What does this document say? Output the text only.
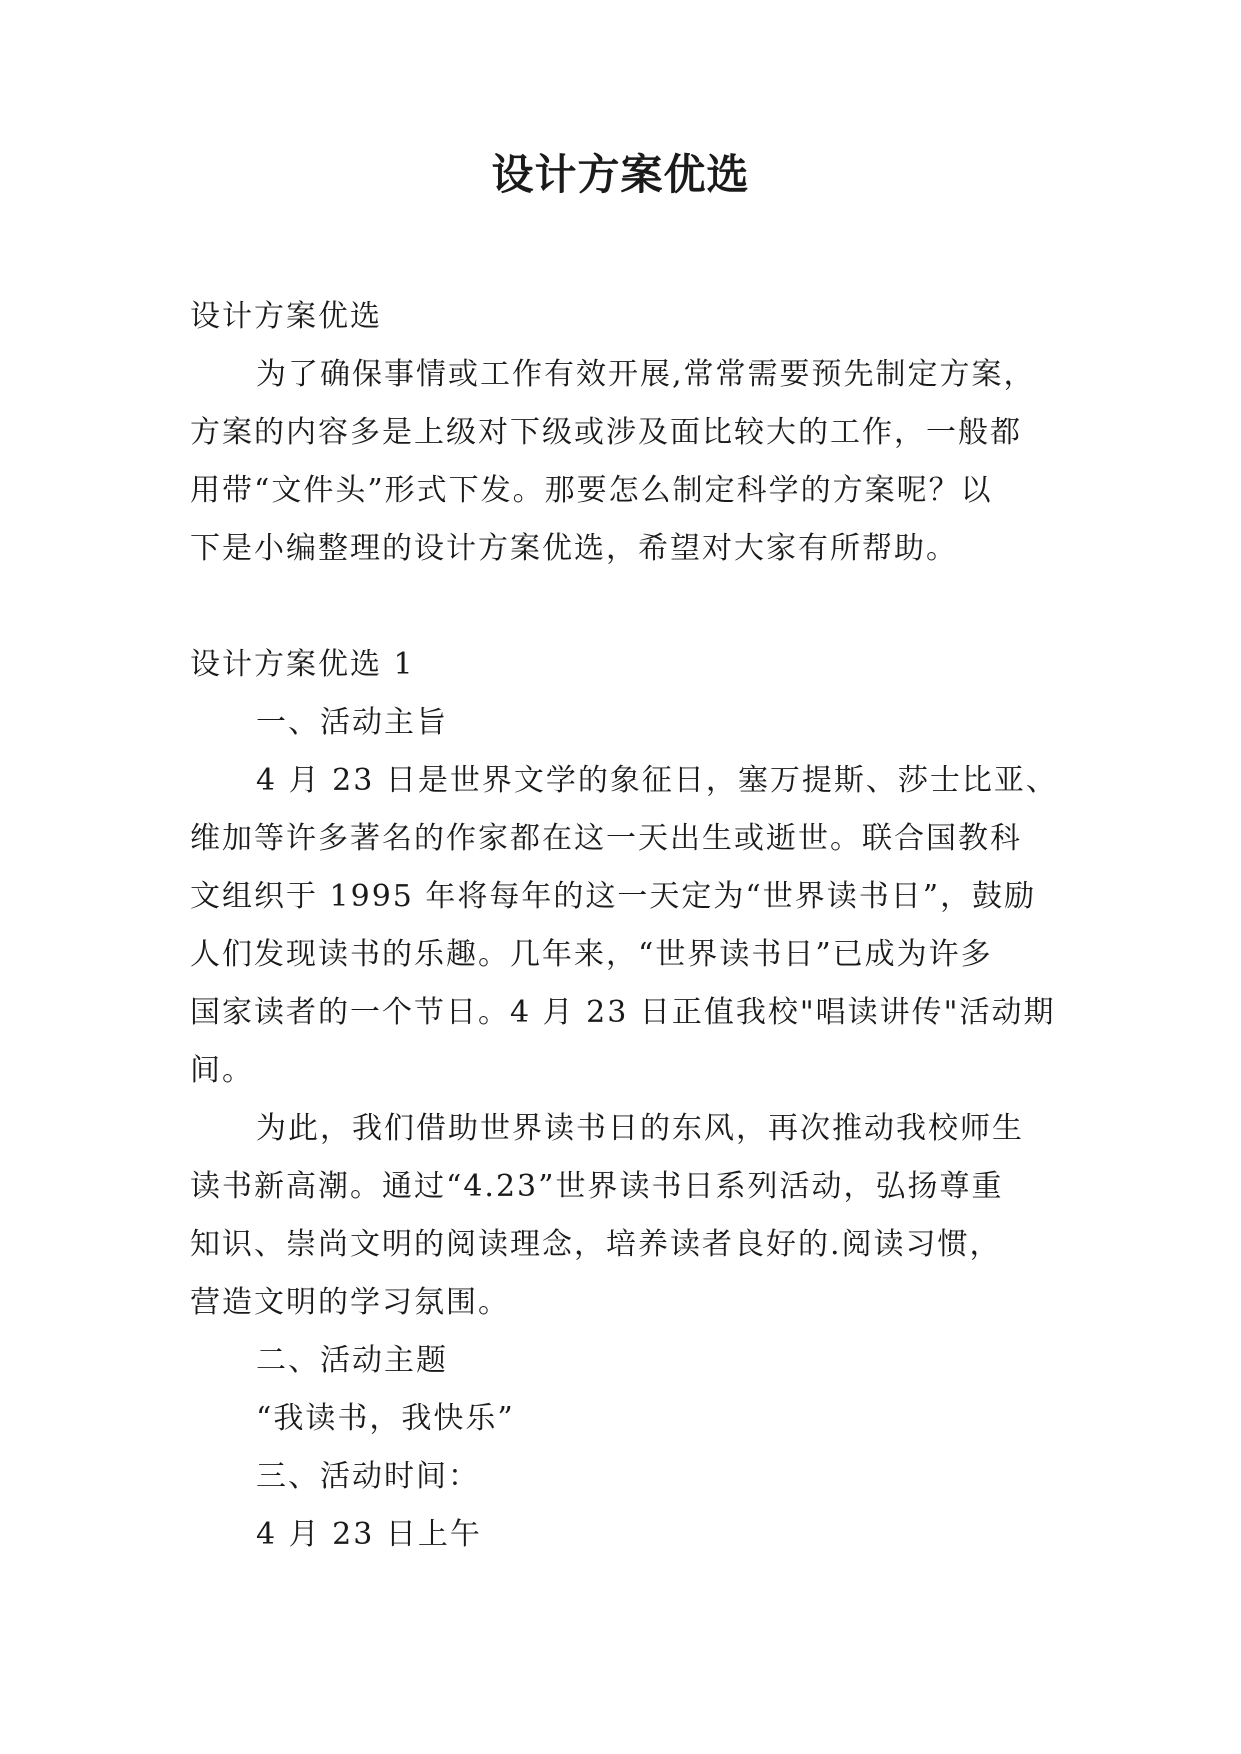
设计方案优选
设计方案优选
为了确保事情或工作有效开展,常常需要预先制定方案，
方案的内容多是上级对下级或涉及面比较大的工作，一般都
用带“文件头”形式下发。那要怎么制定科学的方案呢？以
下是小编整理的设计方案优选，希望对大家有所帮助。
设计方案优选 1
一、活动主旨
4 月 23 日是世界文学的象征日，塞万提斯、莎士比亚、
维加等许多著名的作家都在这一天出生或逝世。联合国教科
文组织于 1995 年将每年的这一天定为“世界读书日”，鼓励
人们发现读书的乐趣。几年来，“世界读书日”已成为许多
国家读者的一个节日。4 月 23 日正值我校"唱读讲传"活动期
间。
为此，我们借助世界读书日的东风，再次推动我校师生
读书新高潮。通过“4.23”世界读书日系列活动，弘扬尊重
知识、崇尚文明的阅读理念，培养读者良好的.阅读习惯，
营造文明的学习氛围。
二、活动主题
“我读书，我快乐”
三、活动时间：
4 月 23 日上午
